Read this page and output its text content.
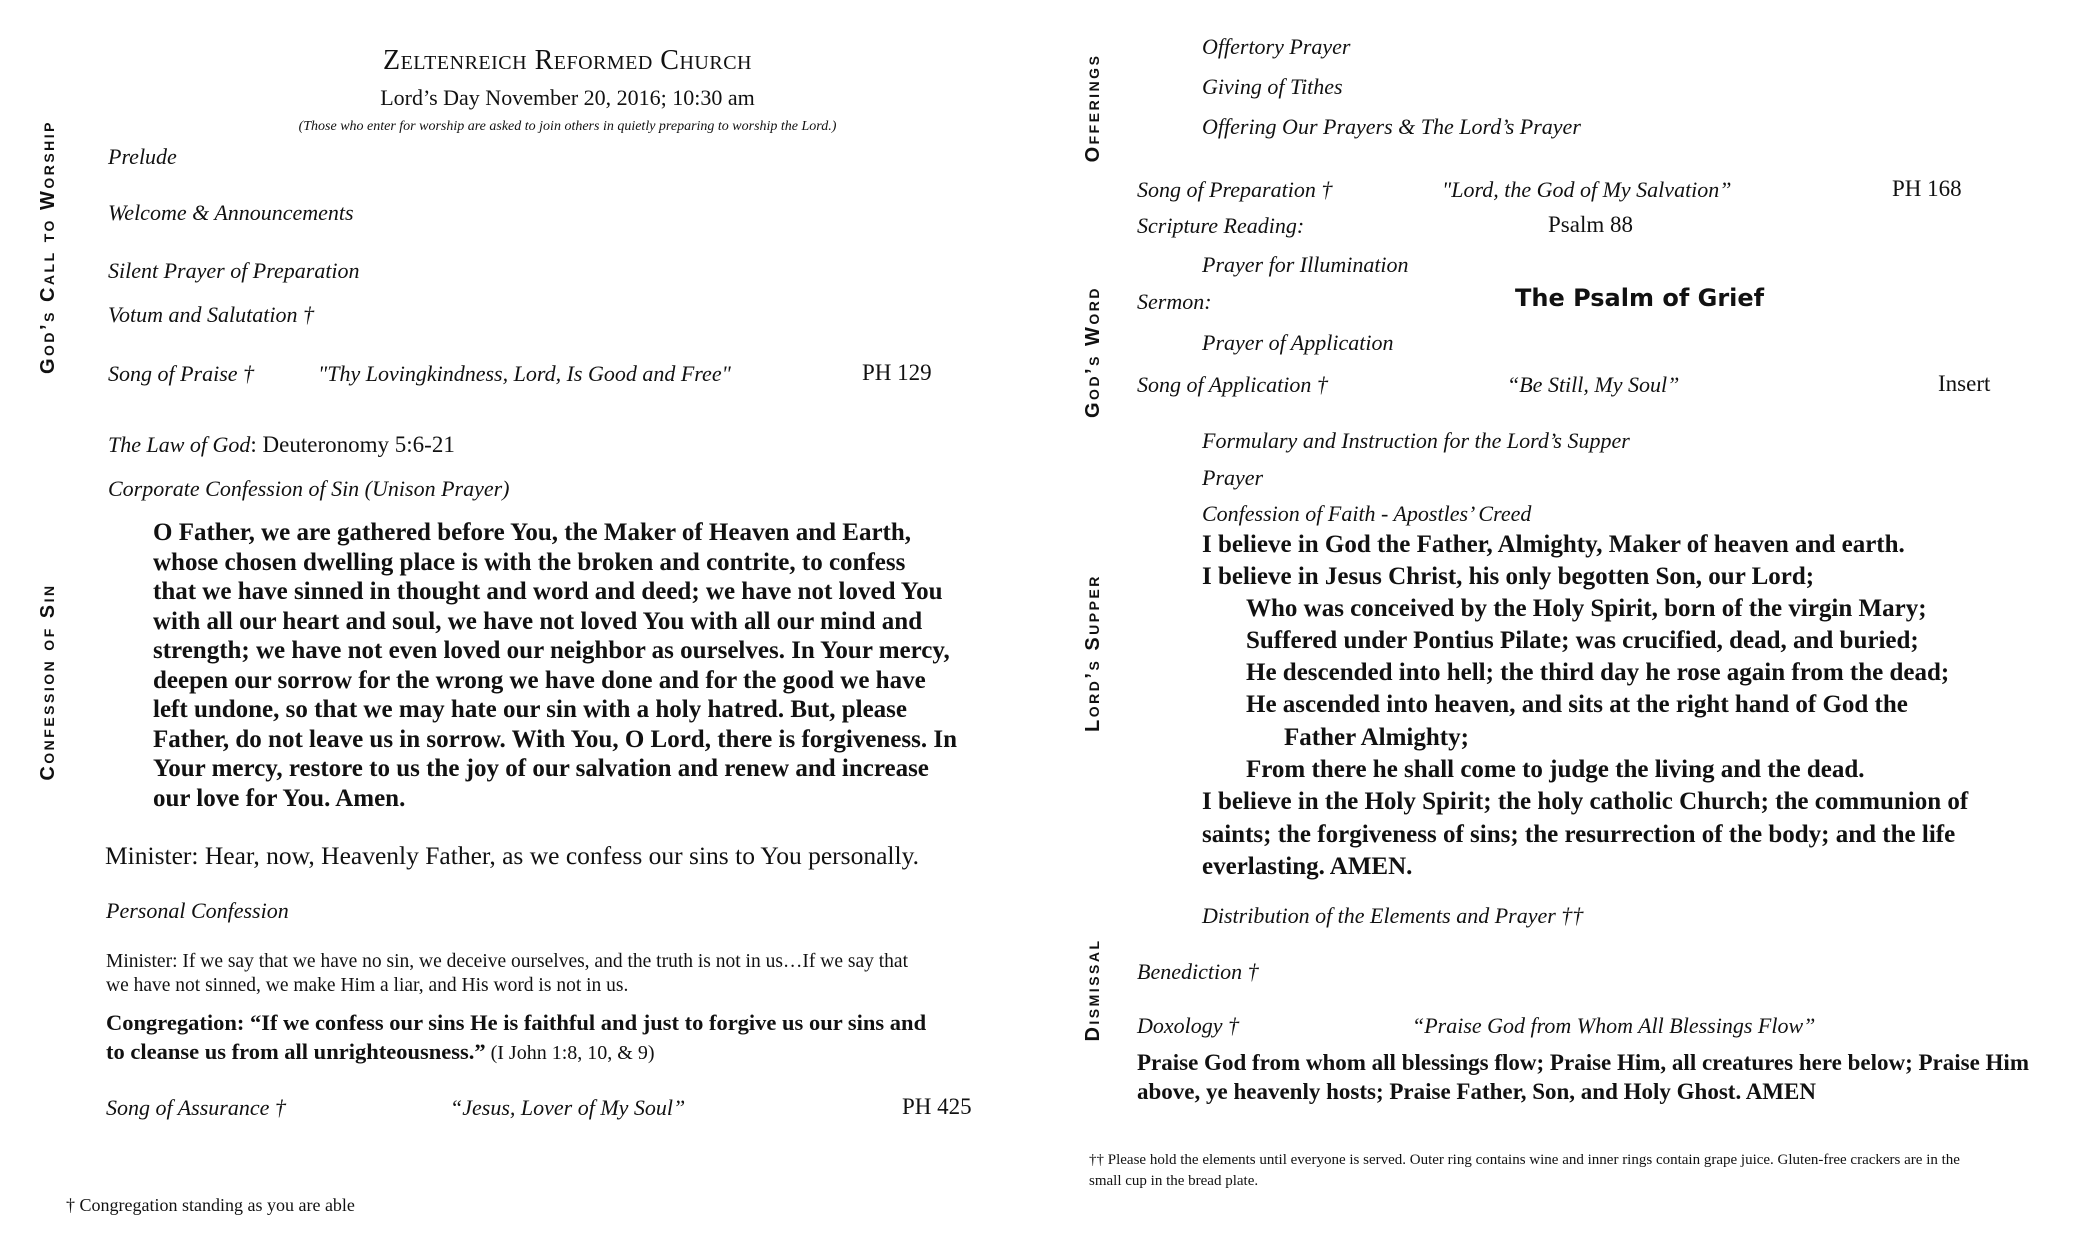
God’s Call to Worship
Confession of Sin
Offerings
God’s Word
Lord’s Supper
Dismissal
Zeltenreich Reformed Church
Lord’s Day November 20, 2016; 10:30 am
(Those who enter for worship are asked to join others in quietly preparing to worship the Lord.)
Prelude
Welcome & Announcements
Silent Prayer of Preparation
Votum and Salutation †
Song of Praise †	"Thy Lovingkindness, Lord, Is Good and Free"	PH 129
The Law of God: Deuteronomy 5:6-21
Corporate Confession of Sin (Unison Prayer)
O Father, we are gathered before You, the Maker of Heaven and Earth,
whose chosen dwelling place is with the broken and contrite, to confess
that we have sinned in thought and word and deed; we have not loved You
with all our heart and soul, we have not loved You with all our mind and
strength; we have not even loved our neighbor as ourselves. In Your mercy,
deepen our sorrow for the wrong we have done and for the good we have
left undone, so that we may hate our sin with a holy hatred. But, please
Father, do not leave us in sorrow. With You, O Lord, there is forgiveness. In
Your mercy, restore to us the joy of our salvation and renew and increase
our love for You. Amen.
Minister: Hear, now, Heavenly Father, as we confess our sins to You personally.
Personal Confession
Minister: If we say that we have no sin, we deceive ourselves, and the truth is not in us…If we say that
we have not sinned, we make Him a liar, and His word is not in us.
Congregation: “If we confess our sins He is faithful and just to forgive us our sins and
to cleanse us from all unrighteousness.” (I John 1:8, 10, & 9)
Song of Assurance †	“Jesus, Lover of My Soul”	PH 425
† Congregation standing as you are able
Offertory Prayer
Giving of Tithes
Offering Our Prayers & The Lord’s Prayer
Song of Preparation †	"Lord, the God of My Salvation”	PH 168
Scripture Reading:	Psalm 88
Prayer for Illumination
Sermon:	The Psalm of Grief
Prayer of Application
Song of Application †	“Be Still, My Soul”	Insert
Formulary and Instruction for the Lord’s Supper
Prayer
Confession of Faith - Apostles’ Creed
I believe in God the Father, Almighty, Maker of heaven and earth.
I believe in Jesus Christ, his only begotten Son, our Lord;
Who was conceived by the Holy Spirit, born of the virgin Mary;
Suffered under Pontius Pilate; was crucified, dead, and buried;
He descended into hell; the third day he rose again from the dead;
He ascended into heaven, and sits at the right hand of God the
Father Almighty;
From there he shall come to judge the living and the dead.
I believe in the Holy Spirit; the holy catholic Church; the communion of
saints; the forgiveness of sins; the resurrection of the body; and the life
everlasting. AMEN.
Distribution of the Elements and Prayer ††
Benediction †
Doxology †	“Praise God from Whom All Blessings Flow”
Praise God from whom all blessings flow; Praise Him, all creatures here below; Praise Him
above, ye heavenly hosts; Praise Father, Son, and Holy Ghost. AMEN
†† Please hold the elements until everyone is served. Outer ring contains wine and inner rings contain grape juice. Gluten-free crackers are in the
small cup in the bread plate.
